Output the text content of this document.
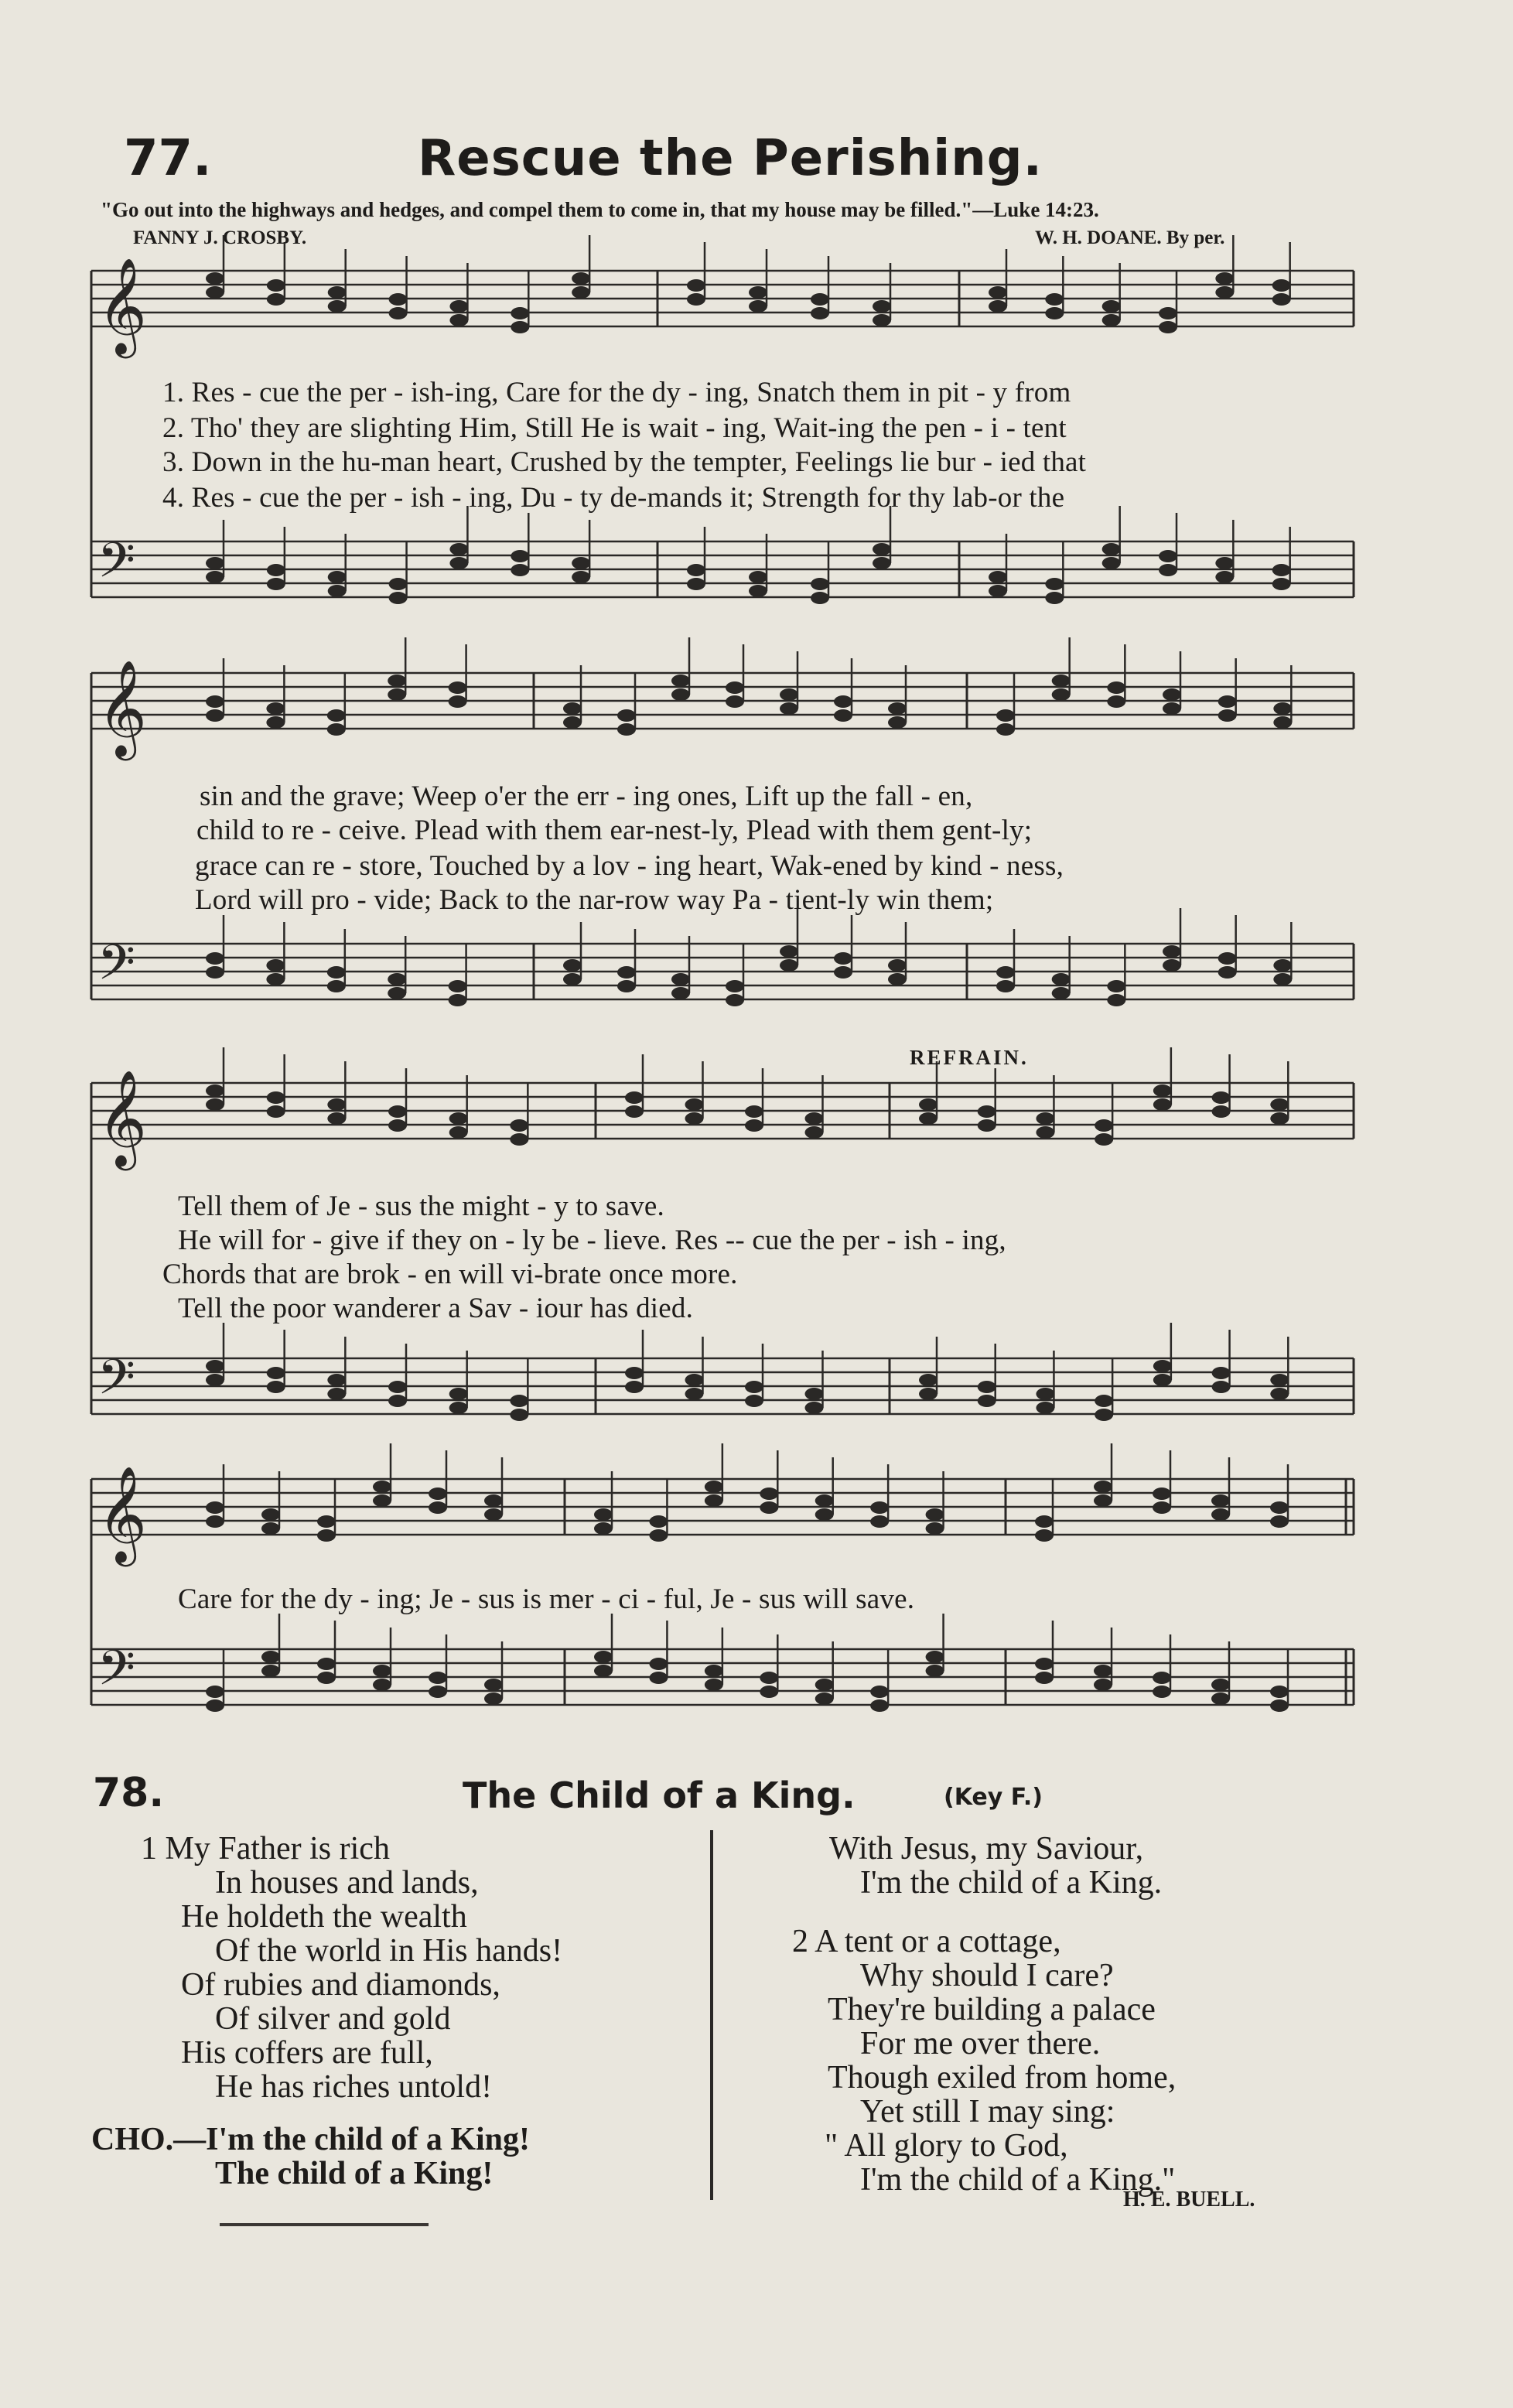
77.	Rescue the Perishing.
"Go out into the highways and hedges, and compel them to come in, that my house may be filled."—Luke 14:23.
FANNY J. CROSBY.	W. H. DOANE. By per.
𝄞
𝄢
𝄞
𝄢
𝄞
𝄢
𝄞
𝄢
1. Res - cue the per - ish-ing, Care for the dy - ing, Snatch them in pit - y from
2. Tho' they are slighting Him, Still He is wait - ing, Wait-ing the pen - i - tent
3. Down in the hu-man heart, Crushed by the tempter, Feelings lie bur - ied that
4. Res - cue the per - ish - ing, Du - ty de-mands it; Strength for thy lab-or the
sin and the grave; Weep o'er the err - ing ones, Lift up the fall - en,
child to re - ceive. Plead with them ear-nest-ly, Plead with them gent-ly;
grace can re - store, Touched by a lov - ing heart, Wak-ened by kind - ness,
Lord will pro - vide; Back to the nar-row way Pa - tient-ly win them;
REFRAIN.
Tell them of Je - sus the might - y to save.
He will for - give if they on - ly be - lieve. Res -- cue the per - ish - ing,
Chords that are brok - en will vi-brate once more.
Tell the poor wanderer a Sav - iour has died.
Care for the dy - ing; Je - sus is mer - ci - ful, Je - sus will save.
78.	The Child of a King.	(Key F.)
1 My Father is rich
In houses and lands,
He holdeth the wealth
Of the world in His hands!
Of rubies and diamonds,
Of silver and gold
His coffers are full,
He has riches untold!
CHO.—I'm the child of a King!
The child of a King!
With Jesus, my Saviour,
I'm the child of a King.
2 A tent or a cottage,
Why should I care?
They're building a palace
For me over there.
Though exiled from home,
Yet still I may sing:
" All glory to God,
I'm the child of a King."
H. E. BUELL.
